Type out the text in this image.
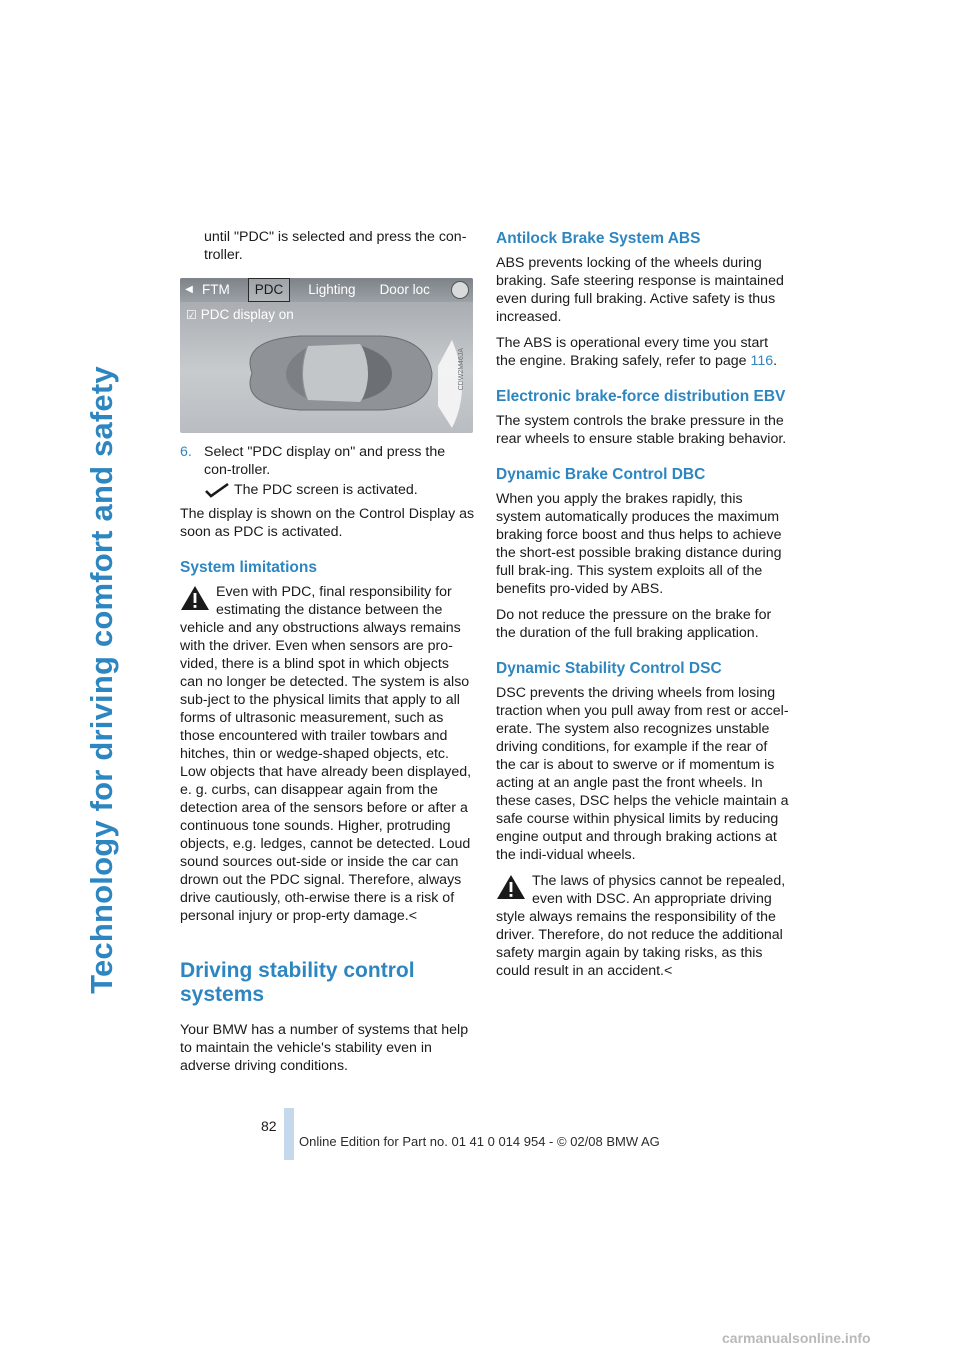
Technology for driving comfort and safety

until "PDC" is selected and press the con-troller.

◀ FTM	PDC	Lighting	Door loc
☑ PDC display on
CDW2M46JA
6. Select "PDC display on" and press the con-troller.
The PDC screen is activated.

The display is shown on the Control Display as soon as PDC is activated.

System limitations

Even with PDC, final responsibility for estimating the distance between the vehicle and any obstructions always remains with the driver. Even when sensors are pro-vided, there is a blind spot in which objects can no longer be detected. The system is also sub-ject to the physical limits that apply to all forms of ultrasonic measurement, such as those encountered with trailer towbars and hitches, thin or wedge-shaped objects, etc. Low objects that have already been displayed, e. g. curbs, can disappear again from the detection area of the sensors before or after a continuous tone sounds. Higher, protruding objects, e.g. ledges, cannot be detected. Loud sound sources out-side or inside the car can drown out the PDC signal. Therefore, always drive cautiously, oth-erwise there is a risk of personal injury or prop-erty damage.<

Driving stability control systems

Your BMW has a number of systems that help to maintain the vehicle's stability even in adverse driving conditions.

Antilock Brake System ABS

ABS prevents locking of the wheels during braking. Safe steering response is maintained even during full braking. Active safety is thus increased.

The ABS is operational every time you start the engine. Braking safely, refer to page 116.

Electronic brake-force distribution EBV

The system controls the brake pressure in the rear wheels to ensure stable braking behavior.

Dynamic Brake Control DBC

When you apply the brakes rapidly, this system automatically produces the maximum braking force boost and thus helps to achieve the short-est possible braking distance during full brak-ing. This system exploits all of the benefits pro-vided by ABS.

Do not reduce the pressure on the brake for the duration of the full braking application.

Dynamic Stability Control DSC

DSC prevents the driving wheels from losing traction when you pull away from rest or accel-erate. The system also recognizes unstable driving conditions, for example if the rear of the car is about to swerve or if momentum is acting at an angle past the front wheels. In these cases, DSC helps the vehicle maintain a safe course within physical limits by reducing engine output and through braking actions at the indi-vidual wheels.

The laws of physics cannot be repealed, even with DSC. An appropriate driving style always remains the responsibility of the driver. Therefore, do not reduce the additional safety margin again by taking risks, as this could result in an accident.<

82
Online Edition for Part no. 01 41 0 014 954 - © 02/08 BMW AG
carmanualsonline.info
